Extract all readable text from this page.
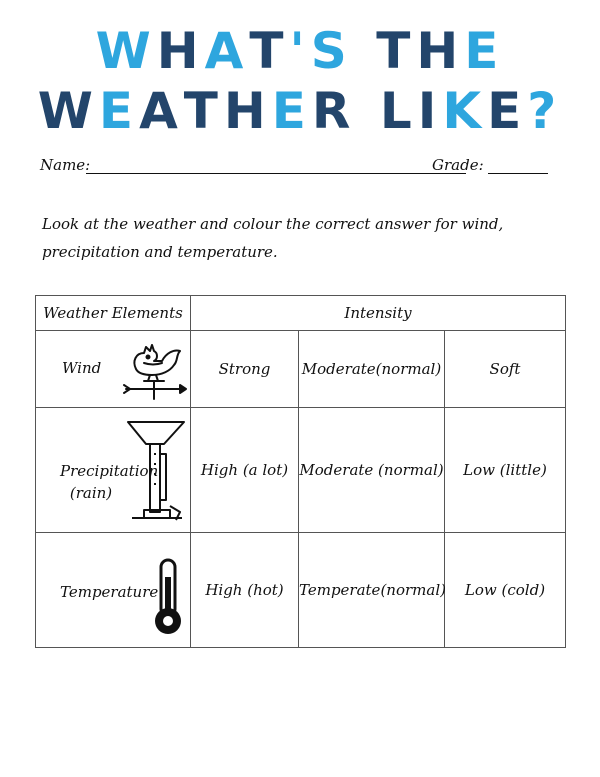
WHAT'S THE
WEATHER LIKE?
Name:	Grade:
Look at the weather and colour the correct answer for wind, precipitation and temperature.
Weather Elements	Intensity		

Wind	Strong	Moderate(normal)	Soft

Precipitation
(rain)	High (a lot)	Moderate (normal)	Low (little)

Temperature	High (hot)	Temperate(normal)	Low (cold)
